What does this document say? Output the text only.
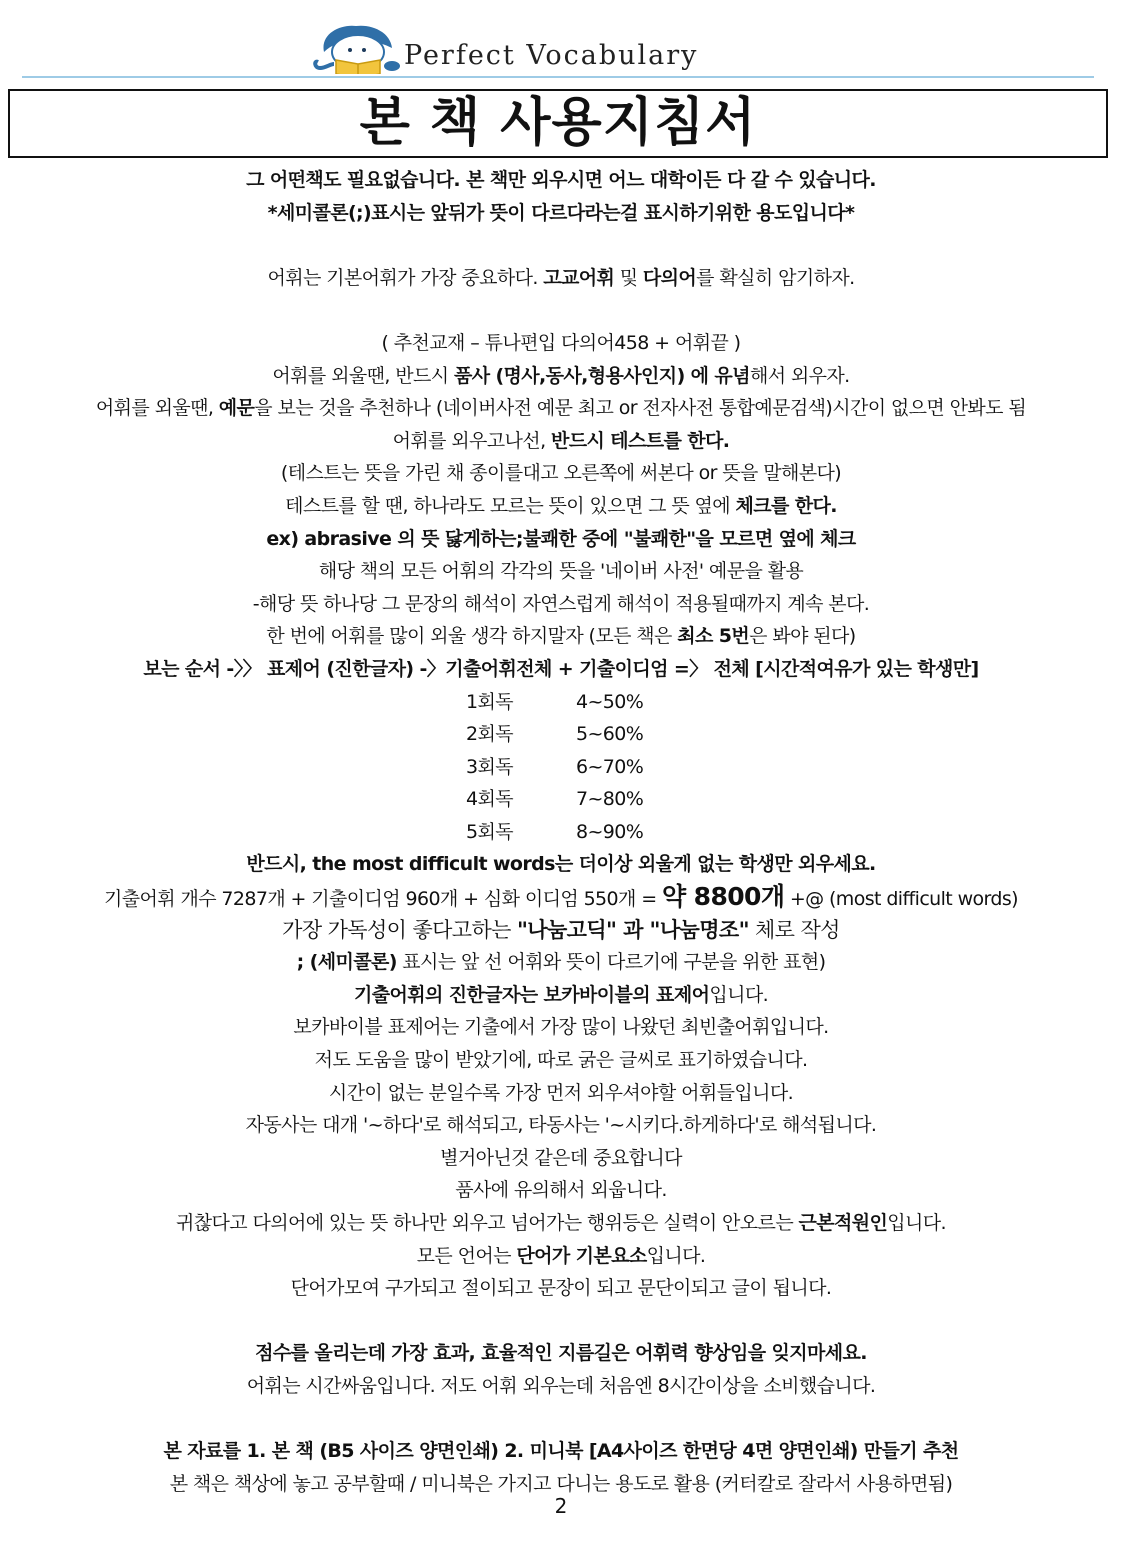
Perfect Vocabulary
본 책 사용지침서
그 어떤책도 필요없습니다. 본 책만 외우시면 어느 대학이든 다 갈 수 있습니다.
*세미콜론(;)표시는 앞뒤가 뜻이 다르다라는걸 표시하기위한 용도입니다*
어휘는 기본어휘가 가장 중요하다. 고교어휘 및 다의어를 확실히 암기하자.
( 추천교재 – 튜나편입 다의어458 + 어휘끝 )
어휘를 외울땐, 반드시 품사 (명사,동사,형용사인지) 에 유념해서 외우자.
어휘를 외울땐, 예문을 보는 것을 추천하나 (네이버사전 예문 최고 or 전자사전 통합예문검색)시간이 없으면 안봐도 됨
어휘를 외우고나선, 반드시 테스트를 한다.
(테스트는 뜻을 가린 채 종이를대고 오른쪽에 써본다 or 뜻을 말해본다)
테스트를 할 땐, 하나라도 모르는 뜻이 있으면 그 뜻 옆에 체크를 한다.
ex) abrasive 의 뜻 닳게하는;불쾌한 중에 "불쾌한"을 모르면 옆에 체크
해당 책의 모든 어휘의 각각의 뜻을 '네이버 사전' 예문을 활용
-해당 뜻 하나당 그 문장의 해석이 자연스럽게 해석이 적용될때까지 계속 본다.
한 번에 어휘를 많이 외울 생각 하지말자 (모든 책은 최소 5번은 봐야 된다)
보는 순서 -〉〉 표제어 (진한글자) -〉기출어휘전체 + 기출이디엄 =〉 전체 [시간적여유가 있는 학생만]
1회독	4~50%
2회독	5~60%
3회독	6~70%
4회독	7~80%
5회독	8~90%
반드시, the most difficult words는 더이상 외울게 없는 학생만 외우세요.
기출어휘 개수 7287개 + 기출이디엄 960개 + 심화 이디엄 550개 = 약 8800개 +@ (most difficult words)
가장 가독성이 좋다고하는 "나눔고딕" 과 "나눔명조" 체로 작성
; (세미콜론) 표시는 앞 선 어휘와 뜻이 다르기에 구분을 위한 표현)
기출어휘의 진한글자는 보카바이블의 표제어입니다.
보카바이블 표제어는 기출에서 가장 많이 나왔던 최빈출어휘입니다.
저도 도움을 많이 받았기에, 따로 굵은 글씨로 표기하였습니다.
시간이 없는 분일수록 가장 먼저 외우셔야할 어휘들입니다.
자동사는 대개 '~하다'로 해석되고, 타동사는 '~시키다.하게하다'로 해석됩니다.
별거아닌것 같은데 중요합니다
품사에 유의해서 외웁니다.
귀찮다고 다의어에 있는 뜻 하나만 외우고 넘어가는 행위등은 실력이 안오르는 근본적원인입니다.
모든 언어는 단어가 기본요소입니다.
단어가모여 구가되고 절이되고 문장이 되고 문단이되고 글이 됩니다.
점수를 올리는데 가장 효과, 효율적인 지름길은 어휘력 향상임을 잊지마세요.
어휘는 시간싸움입니다. 저도 어휘 외우는데 처음엔 8시간이상을 소비했습니다.
본 자료를 1. 본 책 (B5 사이즈 양면인쇄) 2. 미니북 [A4사이즈 한면당 4면 양면인쇄) 만들기 추천
본 책은 책상에 놓고 공부할때 / 미니북은 가지고 다니는 용도로 활용 (커터칼로 잘라서 사용하면됨)
2
